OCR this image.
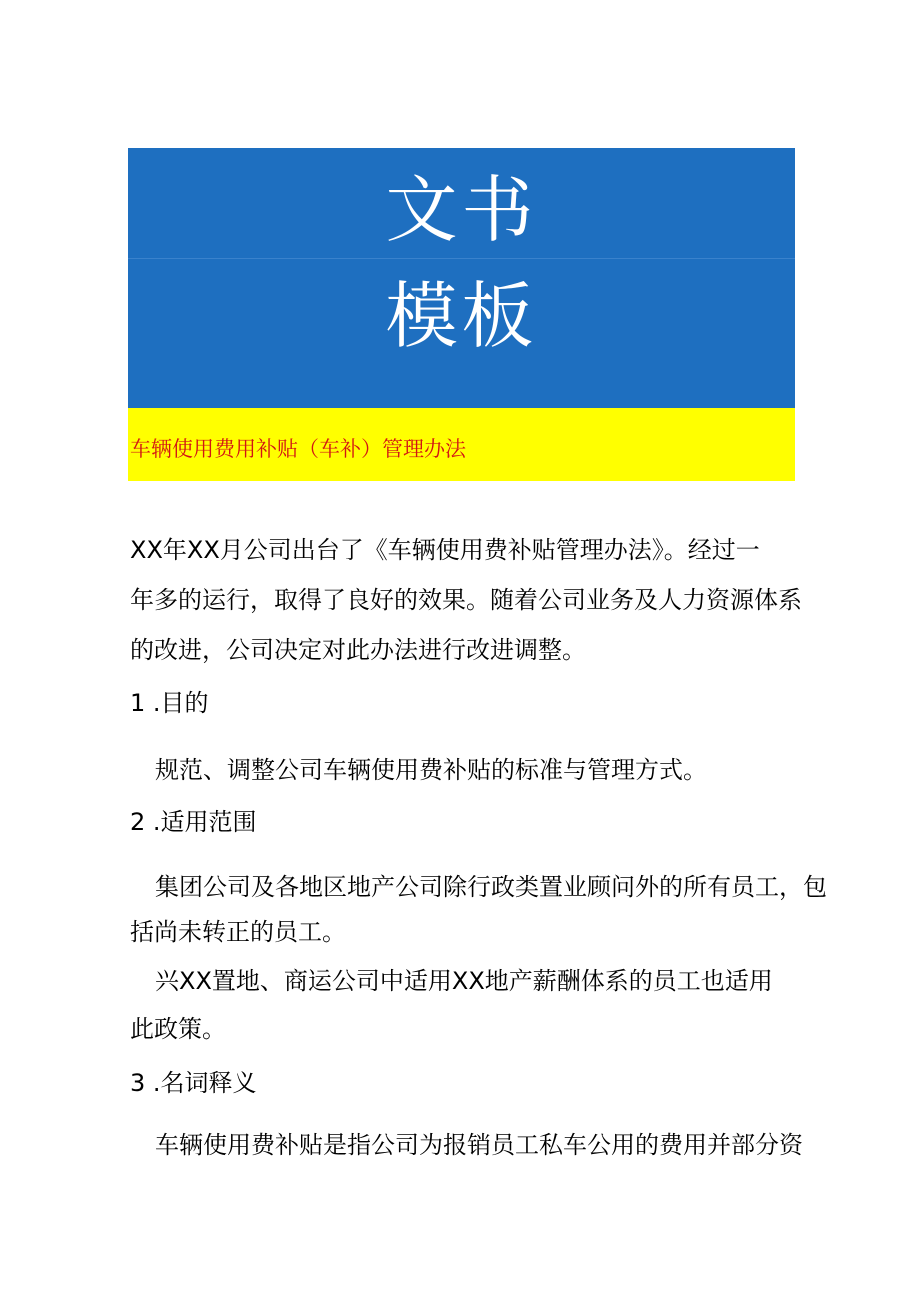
文书
模板
车辆使用费用补贴（车补）管理办法
XX年XX月公司出台了《车辆使用费补贴管理办法》。经过一
年多的运行，取得了良好的效果。随着公司业务及人力资源体系
的改进，公司决定对此办法进行改进调整。
1 .目的
规范、调整公司车辆使用费补贴的标准与管理方式。
2 .适用范围
集团公司及各地区地产公司除行政类置业顾问外的所有员工，包
括尚未转正的员工。
兴XX置地、商运公司中适用XX地产薪酬体系的员工也适用
此政策。
3 .名词释义
车辆使用费补贴是指公司为报销员工私车公用的费用并部分资
